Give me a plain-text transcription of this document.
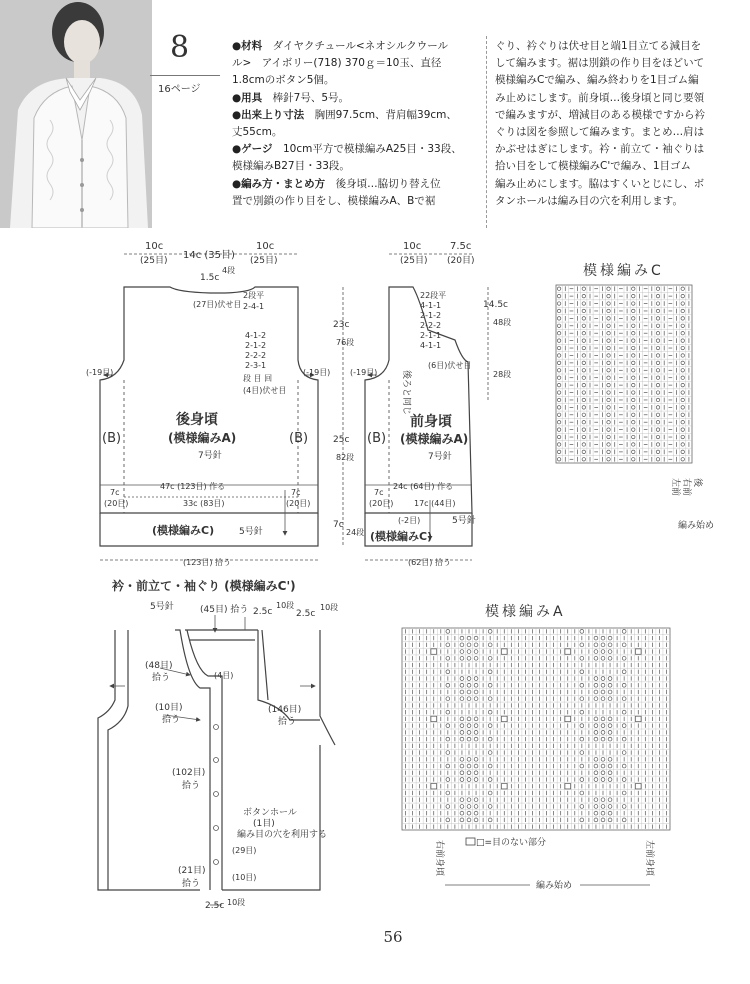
8
16ページ
●材料　 ダイヤクチュール<ネオシルクウール
ル>　アイボリー(718) 370ｇ＝10玉、直径
1.8cmのボタン5個。
●用具　 棒針7号、5号。
●出来上り寸法　 胸囲97.5cm、背肩幅39cm、
丈55cm。
●ゲージ　 10cm平方で模様編みA25目・33段、
模様編みB27目・33段。
●編み方・まとめ方　 後身頃…脇切り替え位
置で別鎖の作り目をし、模様編みA、Bで裾
ぐり、衿ぐりは伏せ目と端1目立てる減目を
して編みます。裾は別鎖の作り目をほどいて
模様編みCで編み、編み終わりを1目ゴム編
み止めにします。前身頃…後身頃と同じ要領
で編みますが、増減目のある模様ですから衿
ぐりは図を参照して編みます。まとめ…肩は
かぶせはぎにします。衿・前立て・袖ぐりは
拾い目をして模様編みC'で編み、1目ゴム
編み止めにします。脇はすくいとじにし、ボ
タンホールは編み目の穴を利用します。
10c
(25目) 14c (35目)
10c
(25目)
1.5c
4段
(27目)伏せ目
2段平
2-4-1
4-1-2
2-1-2
2-2-2
2-3-1
段 目 回
(4目)伏せ目
(-19目)	(-19目)
(B)	(B)
後身頃
(模様編みA)
7号針
23c
76段
25c
82段
7c
24段
47c (123目) 作る
33c (83目)
7c
(20目)
7c
(20目)
(模様編みC)	5号針
(123目) 拾う
10c
(25目)
7.5c
(20目)
22段平
4-1-1
2-1-2
2-2-2
2-1-1
4-1-1
(6目)伏せ目
14.5c
48段
28段
後ろと同じ
(-19目)
(B)
前身頃
(模様編みA)
7号針
24c (64目) 作る
17c (44目)
7c
(20目)
(-2目)	5号針
(模様編みC)
(62目) 拾う
衿・前立て・袖ぐり (模様編みC')
5号針	(45目) 拾う 2.5c
10段
2.5c
10段
(48目)
拾う
(10目)
拾う
(4目)
(146目)
拾う
(102目)
拾う
ボタンホール
(1目)
編み目の穴を利用する
(29目)
(21目)
拾う
(10目)
2.5c 10段
模様編みC
後
右前
左前
編み始め
模様編みA
□=目のない部分
右前身頃	左前身頃
編み始め
56
